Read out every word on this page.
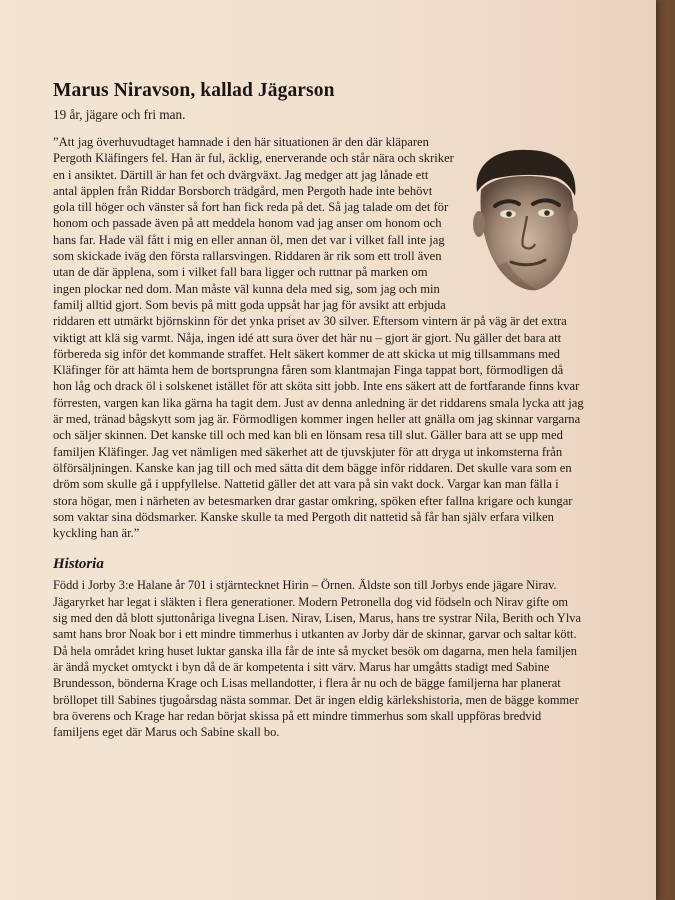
Marus Niravson, kallad Jägarson

19 år, jägare och fri man.

”Att jag överhuvudtaget hamnade i den här situationen är den där kläparen Pergoth Kläfingers fel. Han är ful, äcklig, enerverande och står nära och skriker en i ansiktet. Därtill är han fet och dvärgväxt. Jag medger att jag lånade ett antal äpplen från Riddar Borsborch trädgård, men Pergoth hade inte behövt gola till höger och vänster så fort han fick reda på det. Så jag talade om det för honom och passade även på att meddela honom vad jag anser om honom och hans far. Hade väl fått i mig en eller annan öl, men det var i vilket fall inte jag som skickade iväg den första rallarsvingen. Riddaren är rik som ett troll även utan de där äpplena, som i vilket fall bara ligger och ruttnar på marken om ingen plockar ned dom. Man måste väl kunna dela med sig, som jag och min familj alltid gjort. Som bevis på mitt goda uppsåt har jag för avsikt att erbjuda riddaren ett utmärkt björnskinn för det ynka priset av 30 silver. Eftersom vintern är på väg är det extra viktigt att klä sig varmt. Nåja, ingen idé att sura över det här nu – gjort är gjort. Nu gäller det bara att förbereda sig inför det kommande straffet. Helt säkert kommer de att skicka ut mig tillsammans med Kläfinger för att hämta hem de bortsprungna fåren som klantmajan Finga tappat bort, förmodligen då hon låg och drack öl i solskenet istället för att sköta sitt jobb. Inte ens säkert att de fortfarande finns kvar förresten, vargen kan lika gärna ha tagit dem. Just av denna anledning är det riddarens smala lycka att jag är med, tränad bågskytt som jag är. Förmodligen kommer ingen heller att gnälla om jag skinnar vargarna och säljer skinnen. Det kanske till och med kan bli en lönsam resa till slut. Gäller bara att se upp med familjen Kläfinger. Jag vet nämligen med säkerhet att de tjuvskjuter för att dryga ut inkomsterna från ölförsäljningen. Kanske kan jag till och med sätta dit dem bägge inför riddaren. Det skulle vara som en dröm som skulle gå i uppfyllelse. Nattetid gäller det att vara på sin vakt dock. Vargar kan man fälla i stora högar, men i närheten av betesmarken drar gastar omkring, spöken efter fallna krigare och kungar som vaktar sina dödsmarker. Kanske skulle ta med Pergoth dit nattetid så får han själv erfara vilken kyckling han är.”

Historia

Född i Jorby 3:e Halane år 701 i stjärntecknet Hirin – Örnen. Äldste son till Jorbys ende jägare Nirav. Jägaryrket har legat i släkten i flera generationer. Modern Petronella dog vid födseln och Nirav gifte om sig med den då blott sjuttonåriga livegna Lisen. Nirav, Lisen, Marus, hans tre systrar Nila, Berith och Ylva samt hans bror Noak bor i ett mindre timmerhus i utkanten av Jorby där de skinnar, garvar och saltar kött. Då hela området kring huset luktar ganska illa får de inte så mycket besök om dagarna, men hela familjen är ändå mycket omtyckt i byn då de är kompetenta i sitt värv. Marus har umgåtts stadigt med Sabine Brundesson, bönderna Krage och Lisas mellandotter, i flera år nu och de bägge familjerna har planerat bröllopet till Sabines tjugoårsdag nästa sommar. Det är ingen eldig kärlekshistoria, men de bägge kommer bra överens och Krage har redan börjat skissa på ett mindre timmerhus som skall uppföras bredvid familjens eget där Marus och Sabine skall bo.
